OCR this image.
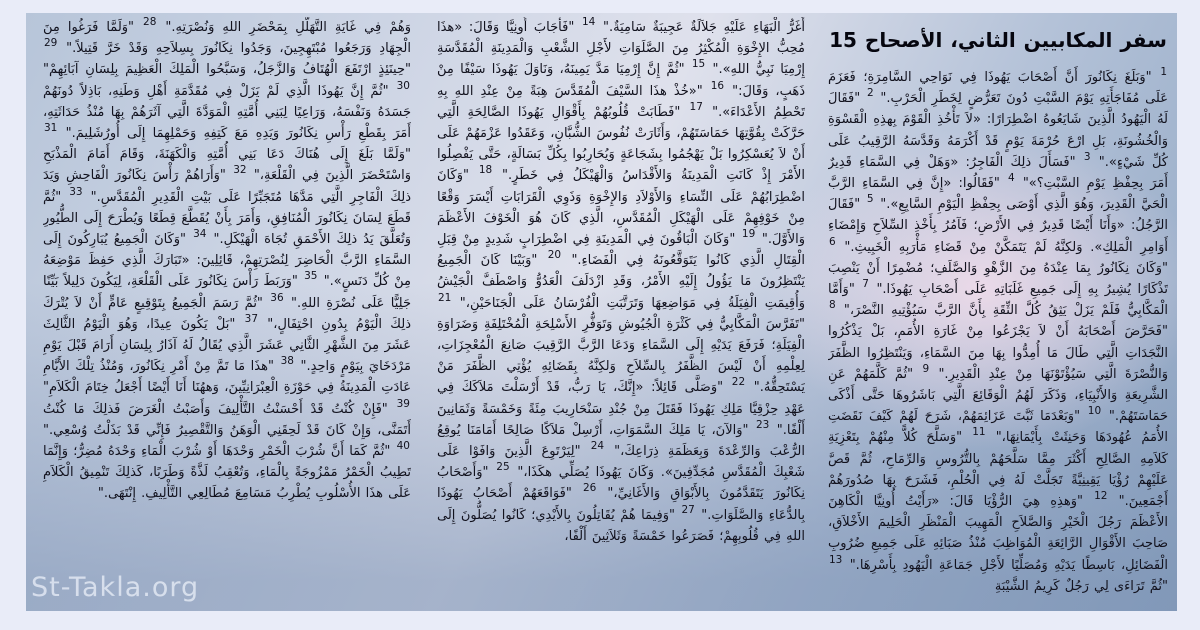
سفر المكابيين الثاني، الأصحاح 15
$^1$ "وَبَلَغَ نِكَانُورَ أَنَّ أَصْحَابَ يَهُوذَا فِي نَوَاحِي السَّامِرَةِ؛ فَعَزَمَ عَلَى مُفَاجَأَتِهِ يَوْمَ السَّبْتِ دُونَ تَعَرُّضٍ لِخَطَرِ الْحَرْبِ." $^2$ "فَقَالَ لَهُ الْيَهُودُ الَّذِينَ شَايَعُوهُ اضْطِرَارًا: «لاَ تَأْخُذِ الْقَوْمَ بِهذِهِ الْقَسْوَةِ وَالْخُشُونَةِ، بَلِ ارْعَ حُرْمَةَ يَوْمٍ قَدْ أَكْرَمَهُ وَقَدَّسَهُ الرَّقِيبُ عَلَى كُلِّ شَيْءٍ»." $^3$ "فَسَأَلَ ذلِكَ الْفَاجِرُ: «وَهَلْ فِي السَّمَاءِ قَدِيرٌ أَمَرَ بِحِفْظِ يَوْمِ السَّبْتِ؟»" $^4$ "فَقَالُوا: «إِنَّ فِي السَّمَاءِ الرَّبَّ الْحَيَّ الْقَدِيرَ، وَهُوَ الَّذِي أَوْصَى بِحِفْظِ الْيَوْمِ السَّابِعِ»." $^5$ "فَقَالَ الرَّجُلُ: «وَأَنَا أَيْضًا قَدِيرٌ فِي الأَرْضِ؛ فَآمُرُ بِأَخْذِ السِّلاَحِ وَإِمْضَاءِ أَوَامِرِ الْمَلِكِ». وَلكِنَّهُ لَمْ يَتَمَكَّنْ مِنْ قَضَاءِ مَأْرَبِهِ الْخَبِيثِ." $^6$ "وَكَانَ نِكَانُورُ بِمَا عِنْدَهُ مِنَ الزَّهْوِ وَالصَّلَفِ؛ مُضْمِرًا أَنْ يَنْصِبَ تَذْكَارًا يُشِيرُ بِهِ إِلَى جَمِيعِ غَلَبَاتِهِ عَلَى أَصْحَابِ يَهُوذَا." $^7$ "وَأَمَّا الْمَكَّابِيُّ فَلَمْ يَزَلْ يَثِقُ كُلَّ الثِّقَةِ بِأَنَّ الرَّبَّ سَيُؤْتِيهِ النَّصْرَ،" $^8$ "فَحَرَّضَ أَصْحَابَهُ أَنْ لاَ يَجْزَعُوا مِنْ غَارَةِ الأُمَمِ، بَلْ يَذْكُرُوا النَّجَدَاتِ الَّتِي طَالَ مَا أُمِدُّوا بِهَا مِنَ السَّمَاءِ، وَيَنْتَظِرُوا الظَّفَرَ وَالنُّصْرَةَ الَّتِي سَيُؤْتَوْنَهَا مِنْ عِنْدِ الْقَدِيرِ." $^9$ "ثُمَّ كَلَّمَهُمْ عَنِ الشَّرِيعَةِ وَالأَنْبِيَاءِ، وَذَكَرَ لَهُمُ الْوَقَائِعَ الَّتِي بَاشَرُوهَا حَتَّى أَذْكَى حَمَاسَتَهُمْ." $^{10}$ "وَبَعْدَمَا ثَبَّتَ عَزَائِمَهُمْ، شَرَحَ لَهُمْ كَيْفَ نَقَضَتِ الأُمَمُ عُهُودَهَا وَحَنِثَتْ بِأَيْمَانِهَا،" $^{11}$ "وَسَلَّحَ كُلاًّ مِنْهُمْ بِتَعْزِيَةِ كَلاَمِهِ الصَّالِحِ أَكْثَرَ مِمَّا سَلَّحَهُمْ بِالتُّرُوسِ وَالرِّمَاحِ، ثُمَّ قَصَّ عَلَيْهِمْ رُؤْيَا يَقِينِيَّةً تَجَلَّتْ لَهُ فِي الْحُلْمِ، فَشَرَحَ بِهَا صُدُورَهُمْ أَجْمَعِينَ." $^{12}$ "وَهذِهِ هِيَ الرُّؤْيَا قَالَ: «رَأَيْتُ أُونِيَّا الْكَاهِنَ الأَعْظَمَ رَجُلَ الْخَيْرِ وَالصَّلاَحِ الْمَهِيبَ الْمَنْظَرِ الْحَلِيمَ الأَخْلاَقِ، صَاحِبَ الأَقْوَالِ الرَّائِعَةِ الْمُوَاظِبَ مُنْذُ صَبَائِهِ عَلَى جَمِيعِ ضُرُوبِ الْفَضَائِلِ، بَاسِطًا يَدَيْهِ وَمُصَلِّيًا لأَجْلِ جَمَاعَةِ الْيَهُودِ بِأَسْرِهَا." $^{13}$ "ثُمَّ تَرَاءَى لِي رَجُلٌ كَرِيمُ الشَّيْبَةِ
أَغَرُّ الْبَهَاءِ عَلَيْهِ جَلاَلَةٌ عَجِيبَةٌ سَامِيَةٌ." $^{14}$ "فَأَجَابَ أُونِيَّا وَقَالَ: «هذَا مُحِبُّ الإِخْوَةِ الْمُكْثِرُ مِنَ الصَّلَوَاتِ لأَجْلِ الشَّعْبِ وَالْمَدِينَةِ الْمُقَدَّسَةِ إِرْمِيَا نَبِيُّ اللهِ»." $^{15}$ "ثُمَّ إِنَّ إِرْمِيَا مَدَّ يَمِينَهُ، وَنَاوَلَ يَهُوذَا سَيْفًا مِنْ ذَهَبٍ، وَقَالَ:" $^{16}$ "«خُذْ هذَا السَّيْفَ الْمُقَدَّسَ هِبَةً مِنْ عِنْدِ اللهِ بِهِ تَحْطِمُ الأَعْدَاءَ»." $^{17}$ "فَطَابَتْ قُلُوبُهُمْ بِأَقْوَالِ يَهُوذَا الصَّالِحَةِ الَّتِي حَرَّكَتْ بِقُوَّتِهَا حَمَاسَتَهُمْ، وَأَثَارَتْ نُفُوسَ الشُّبَّانِ، وَعَقَدُوا عَزْمَهُمْ عَلَى أَنْ لاَ يُعَسْكِرُوا بَلْ يَهْجُمُوا بِشَجَاعَةٍ وَيُحَارِبُوا بِكُلِّ بَسَالَةٍ، حَتَّى يَفْصِلُوا الأَمْرَ إِذْ كَانَتِ الْمَدِينَةُ وَالأَقْدَاسُ وَالْهَيْكَلُ فِي خَطَرٍ." $^{18}$ "وَكَانَ اضْطِرَابُهُمْ عَلَى النِّسَاءِ وَالأَوْلاَدِ وَالإِخْوَةِ وَذَوِي الْقَرَابَاتِ أَيْسَرَ وَقْعًا مِنْ خَوْفِهِمْ عَلَى الْهَيْكَلِ الْمُقَدَّسِ، الَّذِي كَانَ هُوَ الْخَوْفَ الأَعْظَمَ وَالأَوَّلَ." $^{19}$ "وَكَانَ الْبَاقُونَ فِي الْمَدِينَةِ فِي اضْطِرَابٍ شَدِيدٍ مِنْ قِبَلِ الْقِتَالِ الَّذِي كَانُوا يَتَوَقَّعُونَهُ فِي الْفَضَاءِ." $^{20}$ "وَبَيْنَا كَانَ الْجَمِيعُ يَنْتَظِرُونَ مَا يَؤُولُ إِلَيْهِ الأَمْرُ، وَقَدِ ازْدَلَفَ الْعَدُوُّ وَاصْطَفَّ الْجَيْشُ وَأُقِيمَتِ الْفِيَلَةُ فِي مَوَاضِعِهَا وَتَرَتَّبَتِ الْفُرْسَانُ عَلَى الْجَنَاحَيْنِ،" $^{21}$ "تَفَرَّسَ الْمَكَّابِيُّ فِي كَثْرَةِ الْجُيُوشِ وَتَوَفُّرِ الأَسْلِحَةِ الْمُخْتَلِفَةِ وَضَرَاوَةِ الْفِيَلَةِ؛ فَرَفَعَ يَدَيْهِ إِلَى السَّمَاءِ وَدَعَا الرَّبَّ الرَّقِيبَ صَانِعَ الْمُعْجِزَاتِ، لِعِلْمِهِ أَنْ لَيْسَ الظَّفَرُ بِالسِّلاَحِ وَلكِنَّهُ بِقَضَائِهِ يُؤْتِي الظَّفَرَ مَنْ يَسْتَحِقُّهُ." $^{22}$ "وَصَلَّى قَائِلاً: «إِنَّكَ، يَا رَبُّ، قَدْ أَرْسَلْتَ مَلاَكَكَ فِي عَهْدِ حِزْقِيَّا مَلِكِ يَهُوذَا فَقَتَلَ مِنْ جُنْدِ سَنْحَارِيبَ مِئَةً وَخَمْسَةً وَثَمَانِينَ أَلْفًا." $^{23}$ "وَالآنَ، يَا مَلِكَ السَّمَوَاتِ، أَرْسِلْ مَلاَكًا صَالِحًا أَمَامَنَا يُوقِعُ الرُّعْبَ وَالرِّعْدَةَ وَبِعَظَمَةِ ذِرَاعِكَ،" $^{24}$ "لِيَرْتَوِعَ الَّذِينَ وَافَوْا عَلَى شَعْبِكَ الْمُقَدَّسِ مُجَدِّفِينَ». وَكَانَ يَهُوذَا يُصَلِّي هكَذَا،" $^{25}$ "وَأَصْحَابُ نِكَانُورَ يَتَقَدَّمُونَ بِالأَبْوَاقِ وَالأَغَانِيِّ،" $^{26}$ "فَوَاقَعَهُمْ أَصْحَابُ يَهُوذَا بِالدُّعَاءِ وَالصَّلَوَاتِ." $^{27}$ "وَفِيمَا هُمْ يُقَاتِلُونَ بِالأَيْدِي؛ كَانُوا يُصَلُّونَ إِلَى اللهِ فِي قُلُوبِهِمْ؛ فَصَرَعُوا خَمْسَةً وَثَلاَثِينَ أَلْفًا،
وَهُمْ فِي غَايَةِ التَّهَلُّلِ بِمَحْضَرِ اللهِ وَنُصْرَتِهِ." $^{28}$ "وَلَمَّا فَرَغُوا مِنَ الْجِهَادِ وَرَجَعُوا مُبْتَهِجِينَ، وَجَدُوا نِكَانُورَ بِسِلاَحِهِ وَقَدْ خَرَّ قَتِيلاً." $^{29}$ "حِينَئِذٍ ارْتَفَعَ الْهُتَافُ وَالزَّجَلُ، وَسَبَّحُوا الْمَلِكَ الْعَظِيمَ بِلِسَانِ آبَائِهِمْ" $^{30}$ "ثُمَّ إِنَّ يَهُوذَا الَّذِي لَمْ يَزَلْ فِي مُقَدَّمَةِ أَهْلِ وَطَنِهِ، بَاذِلاً دُونَهُمْ جَسَدَهُ وَنَفْسَهُ، وَرَاعِيًا لِبَنِي أُمَّتِهِ الْمَوَدَّةَ الَّتِي آثَرَهُمْ بِهَا مُنْذُ حَدَاثَتِهِ، أَمَرَ بِقَطْعِ رَأْسِ نِكَانُورَ وَيَدِهِ مَعَ كَتِفِهِ وَحَمْلِهِمَا إِلَى أُورُشَلِيمَ." $^{31}$ "وَلَمَّا بَلَغَ إِلَى هُنَاكَ دَعَا بَنِي أُمَّتِهِ وَالْكَهَنَةَ، وَقَامَ أَمَامَ الْمَذْبَحِ وَاسْتَحْضَرَ الَّذِينَ فِي الْقَلْعَةِ،" $^{32}$ "وَأَرَاهُمْ رَأْسَ نِكَانُورَ الْفَاحِشِ وَيَدَ ذلِكَ الْفَاجِرِ الَّتِي مَدَّهَا مُتَجَبِّرًا عَلَى بَيْتِ الْقَدِيرِ الْمُقَدَّسِ." $^{33}$ "ثُمَّ قَطَعَ لِسَانَ نِكَانُورَ الْمُنَافِقِ، وَأَمَرَ بِأَنْ يُقَطَّعَ قِطَعًا وَيُطْرَحَ إِلَى الطُّيُورِ وَتُعَلَّقَ يَدُ ذلِكَ الأَحْمَقِ تُجَاهَ الْهَيْكَلِ." $^{34}$ "وَكَانَ الْجَمِيعُ يُبَارِكُونَ إِلَى السَّمَاءِ الرَّبَّ الْحَاضِرَ لِنُصْرَتِهِمْ، قَائِلِينَ: «تَبَارَكَ الَّذِي حَفِظَ مَوْضِعَهُ مِنْ كُلِّ دَنَسٍ»." $^{35}$ "وَرَبَطَ رَأْسَ نِكَانُورَ عَلَى الْقَلْعَةِ، لِيَكُونَ دَلِيلاً بَيِّنًا جَلِيًّا عَلَى نُصْرَةِ اللهِ." $^{36}$ "ثُمَّ رَسَمَ الْجَمِيعُ بِتَوْقِيعٍ عَامٍّ أَنْ لاَ يُتْرَكَ ذلِكَ الْيَوْمُ بِدُونِ احْتِفَالٍ،" $^{37}$ "بَلْ يَكُونَ عِيدًا، وَهُوَ الْيَوْمُ الثَّالِثَ عَشَرَ مِنَ الشَّهْرِ الثَّانِي عَشَرَ الَّذِي يُقَالُ لَهُ آذَارُ بِلِسَانِ أَرَامَ قَبْلَ يَوْمِ مَرْدَخَايَ بِيَوْمٍ وَاحِدٍ." $^{38}$ "هذَا مَا تَمَّ مِنْ أَمْرِ نِكَانُورَ، وَمُنْذُ تِلْكَ الأَيَّامِ عَادَتِ الْمَدِينَةُ فِي حَوْزَةِ الْعِبْرَانِيِّينَ، وَههُنَا أَنَا أَيْضًا أَجْعَلُ خِتَامَ الْكَلاَمِ" $^{39}$ "فَإِنْ كُنْتُ قَدْ أَحْسَنْتُ التَّأْلِيفَ وَأَصَبْتُ الْغَرَضَ فَذلِكَ مَا كُنْتُ أَتَمَنَّى، وَإِنْ كَانَ قَدْ لَحِقَنِي الْوَهَنُ وَالتَّقْصِيرُ فَإِنِّي قَدْ بَذَلْتُ وُسْعِي." $^{40}$ "ثُمَّ كَمَا أَنَّ شُرْبَ الْخَمْرِ وَحْدَهَا أَوْ شُرْبَ الْمَاءِ وَحْدَهُ مُضِرٌّ؛ وَإِنَّمَا تَطِيبُ الْخَمْرُ مَمْزُوجَةً بِالْمَاءِ، وَتُعْقِبُ لَذَّةً وَطَرَبًا، كَذلِكَ تَنْمِيقُ الْكَلاَمِ عَلَى هذَا الأُسْلُوبِ يُطْرِبُ مَسَامِعَ مُطَالِعِي التَّأْلِيفِ. إِنْتَهَى."
St-Takla.org
